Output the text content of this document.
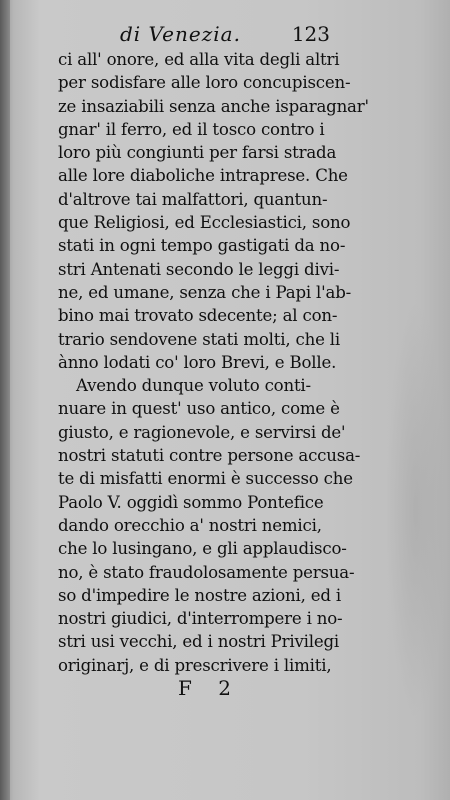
di Venezia.	123
ci all' onore, ed alla vita degli altri
per sodisfare alle loro concupiscen-
ze insaziabili senza anche isparagnar'
gnar' il ferro, ed il tosco contro i
loro più congiunti per farsi strada
alle lore diaboliche intraprese. Che
d'altrove tai malfattori, quantun-
que Religiosi, ed Ecclesiastici, sono
stati in ogni tempo gastigati da no-
stri Antenati secondo le leggi divi-
ne, ed umane, senza che i Papi l'ab-
bino mai trovato sdecente; al con-
trario sendovene stati molti, che li
ànno lodati co' loro Brevi, e Bolle.
Avendo dunque voluto conti-
nuare in quest' uso antico, come è
giusto, e ragionevole, e servirsi de'
nostri statuti contre persone accusa-
te di misfatti enormi è successo che
Paolo V. oggidì sommo Pontefice
dando orecchio a' nostri nemici,
che lo lusingano, e gli applaudisco-
no, è stato fraudolosamente persua-
so d'impedire le nostre azioni, ed i
nostri giudici, d'interrompere i no-
stri usi vecchi, ed i nostri Privilegi
originarj, e di prescrivere i limiti,
F 2
